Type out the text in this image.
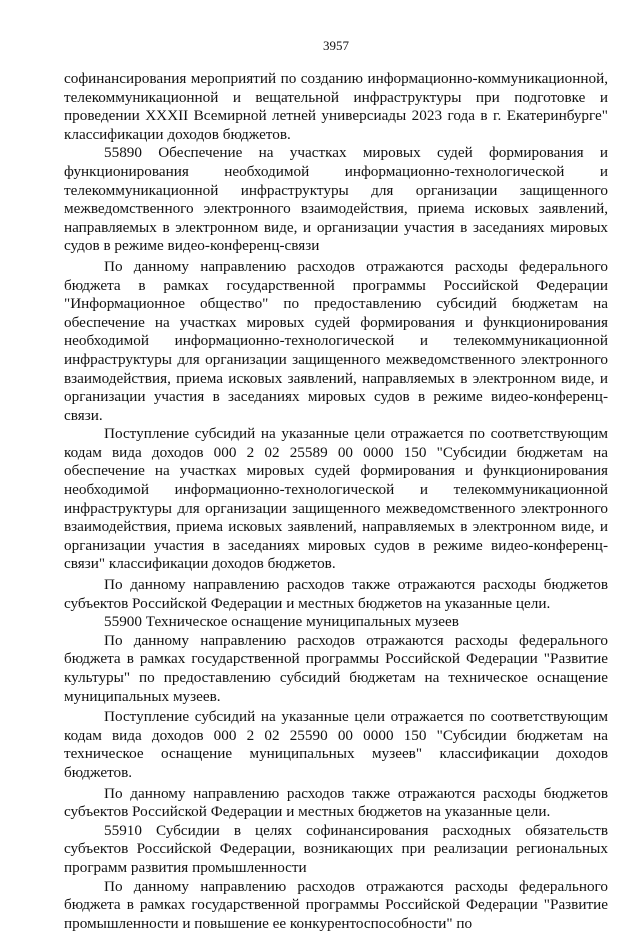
3957

софинансирования мероприятий по созданию информационно-коммуникационной, телекоммуникационной и вещательной инфраструктуры при подготовке и проведении XXXII Всемирной летней универсиады 2023 года в г. Екатеринбурге" классификации доходов бюджетов.

55890 Обеспечение на участках мировых судей формирования и функционирования необходимой информационно-технологической и телекоммуникационной инфраструктуры для организации защищенного межведомственного электронного взаимодействия, приема исковых заявлений, направляемых в электронном виде, и организации участия в заседаниях мировых судов в режиме видео-конференц-связи

По данному направлению расходов отражаются расходы федерального бюджета в рамках государственной программы Российской Федерации "Информационное общество" по предоставлению субсидий бюджетам на обеспечение на участках мировых судей формирования и функционирования необходимой информационно-технологической и телекоммуникационной инфраструктуры для организации защищенного межведомственного электронного взаимодействия, приема исковых заявлений, направляемых в электронном виде, и организации участия в заседаниях мировых судов в режиме видео-конференц-связи.

Поступление субсидий на указанные цели отражается по соответствующим кодам вида доходов 000 2 02 25589 00 0000 150 "Субсидии бюджетам на обеспечение на участках мировых судей формирования и функционирования необходимой информационно-технологической и телекоммуникационной инфраструктуры для организации защищенного межведомственного электронного взаимодействия, приема исковых заявлений, направляемых в электронном виде, и организации участия в заседаниях мировых судов в режиме видео-конференц-связи" классификации доходов бюджетов.

По данному направлению расходов также отражаются расходы бюджетов субъектов Российской Федерации и местных бюджетов на указанные цели.

55900 Техническое оснащение муниципальных музеев

По данному направлению расходов отражаются расходы федерального бюджета в рамках государственной программы Российской Федерации "Развитие культуры" по предоставлению субсидий бюджетам на техническое оснащение муниципальных музеев.

Поступление субсидий на указанные цели отражается по соответствующим кодам вида доходов 000 2 02 25590 00 0000 150 "Субсидии бюджетам на техническое оснащение муниципальных музеев" классификации доходов бюджетов.

По данному направлению расходов также отражаются расходы бюджетов субъектов Российской Федерации и местных бюджетов на указанные цели.

55910 Субсидии в целях софинансирования расходных обязательств субъектов Российской Федерации, возникающих при реализации региональных программ развития промышленности

По данному направлению расходов отражаются расходы федерального бюджета в рамках государственной программы Российской Федерации "Развитие промышленности и повышение ее конкурентоспособности" по
